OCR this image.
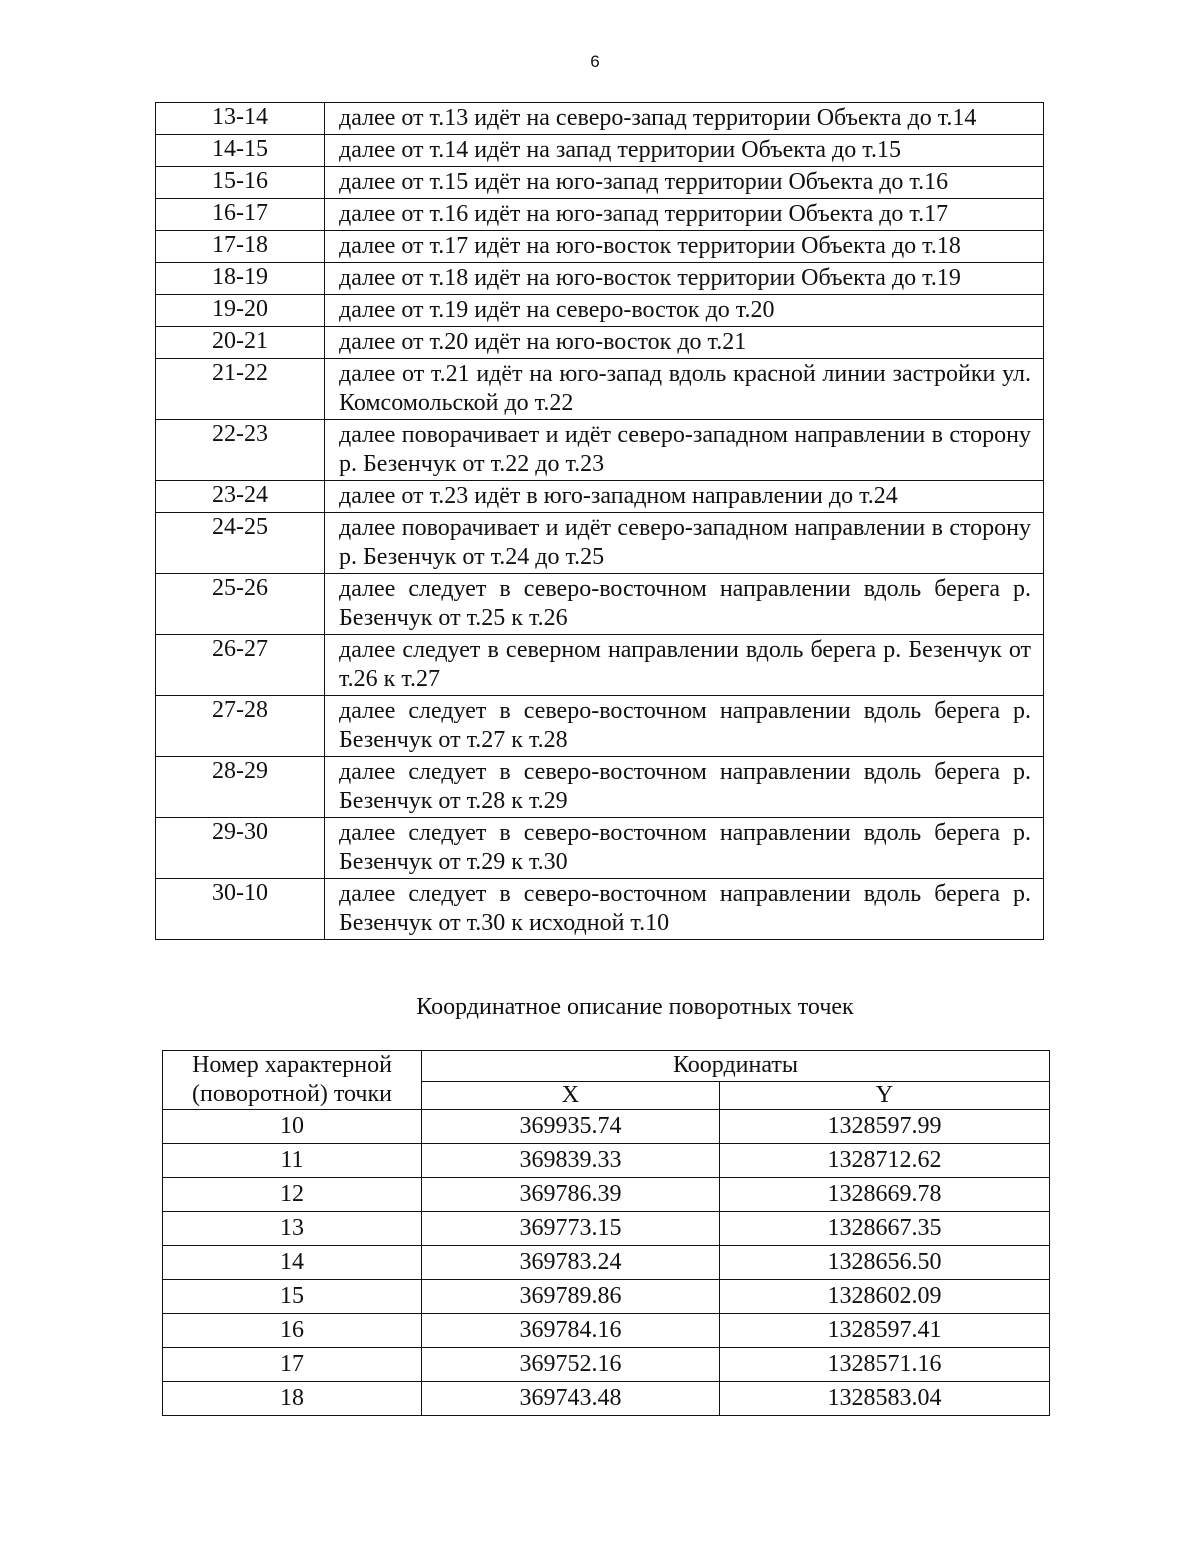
6
13-14	далее от т.13 идёт на северо-запад территории Объекта до т.14
14-15	далее от т.14 идёт на запад территории Объекта до т.15
15-16	далее от т.15 идёт на юго-запад территории Объекта до т.16
16-17	далее от т.16 идёт на юго-запад территории Объекта до т.17
17-18	далее от т.17 идёт на юго-восток территории Объекта до т.18
18-19	далее от т.18 идёт на юго-восток территории Объекта до т.19
19-20	далее от т.19 идёт на северо-восток до т.20
20-21	далее от т.20 идёт на юго-восток до т.21
21-22	далее от т.21 идёт на юго-запад вдоль красной линии застройки ул. Комсомольской до т.22
22-23	далее поворачивает и идёт северо-западном направлении в сторону р. Безенчук от т.22 до т.23
23-24	далее от т.23 идёт в юго-западном направлении до т.24
24-25	далее поворачивает и идёт северо-западном направлении в сторону р. Безенчук от т.24 до т.25
25-26	далее следует в северо-восточном направлении вдоль берега р. Безенчук от т.25 к т.26
26-27	далее следует в северном направлении вдоль берега р. Безенчук от т.26 к т.27
27-28	далее следует в северо-восточном направлении вдоль берега р. Безенчук от т.27 к т.28
28-29	далее следует в северо-восточном направлении вдоль берега р. Безенчук от т.28 к т.29
29-30	далее следует в северо-восточном направлении вдоль берега р. Безенчук от т.29 к т.30
30-10	далее следует в северо-восточном направлении вдоль берега р. Безенчук от т.30 к исходной т.10
Координатное описание поворотных точек
Номер характерной (поворотной) точки	Координаты	
	X	Y
10	369935.74	1328597.99
11	369839.33	1328712.62
12	369786.39	1328669.78
13	369773.15	1328667.35
14	369783.24	1328656.50
15	369789.86	1328602.09
16	369784.16	1328597.41
17	369752.16	1328571.16
18	369743.48	1328583.04
